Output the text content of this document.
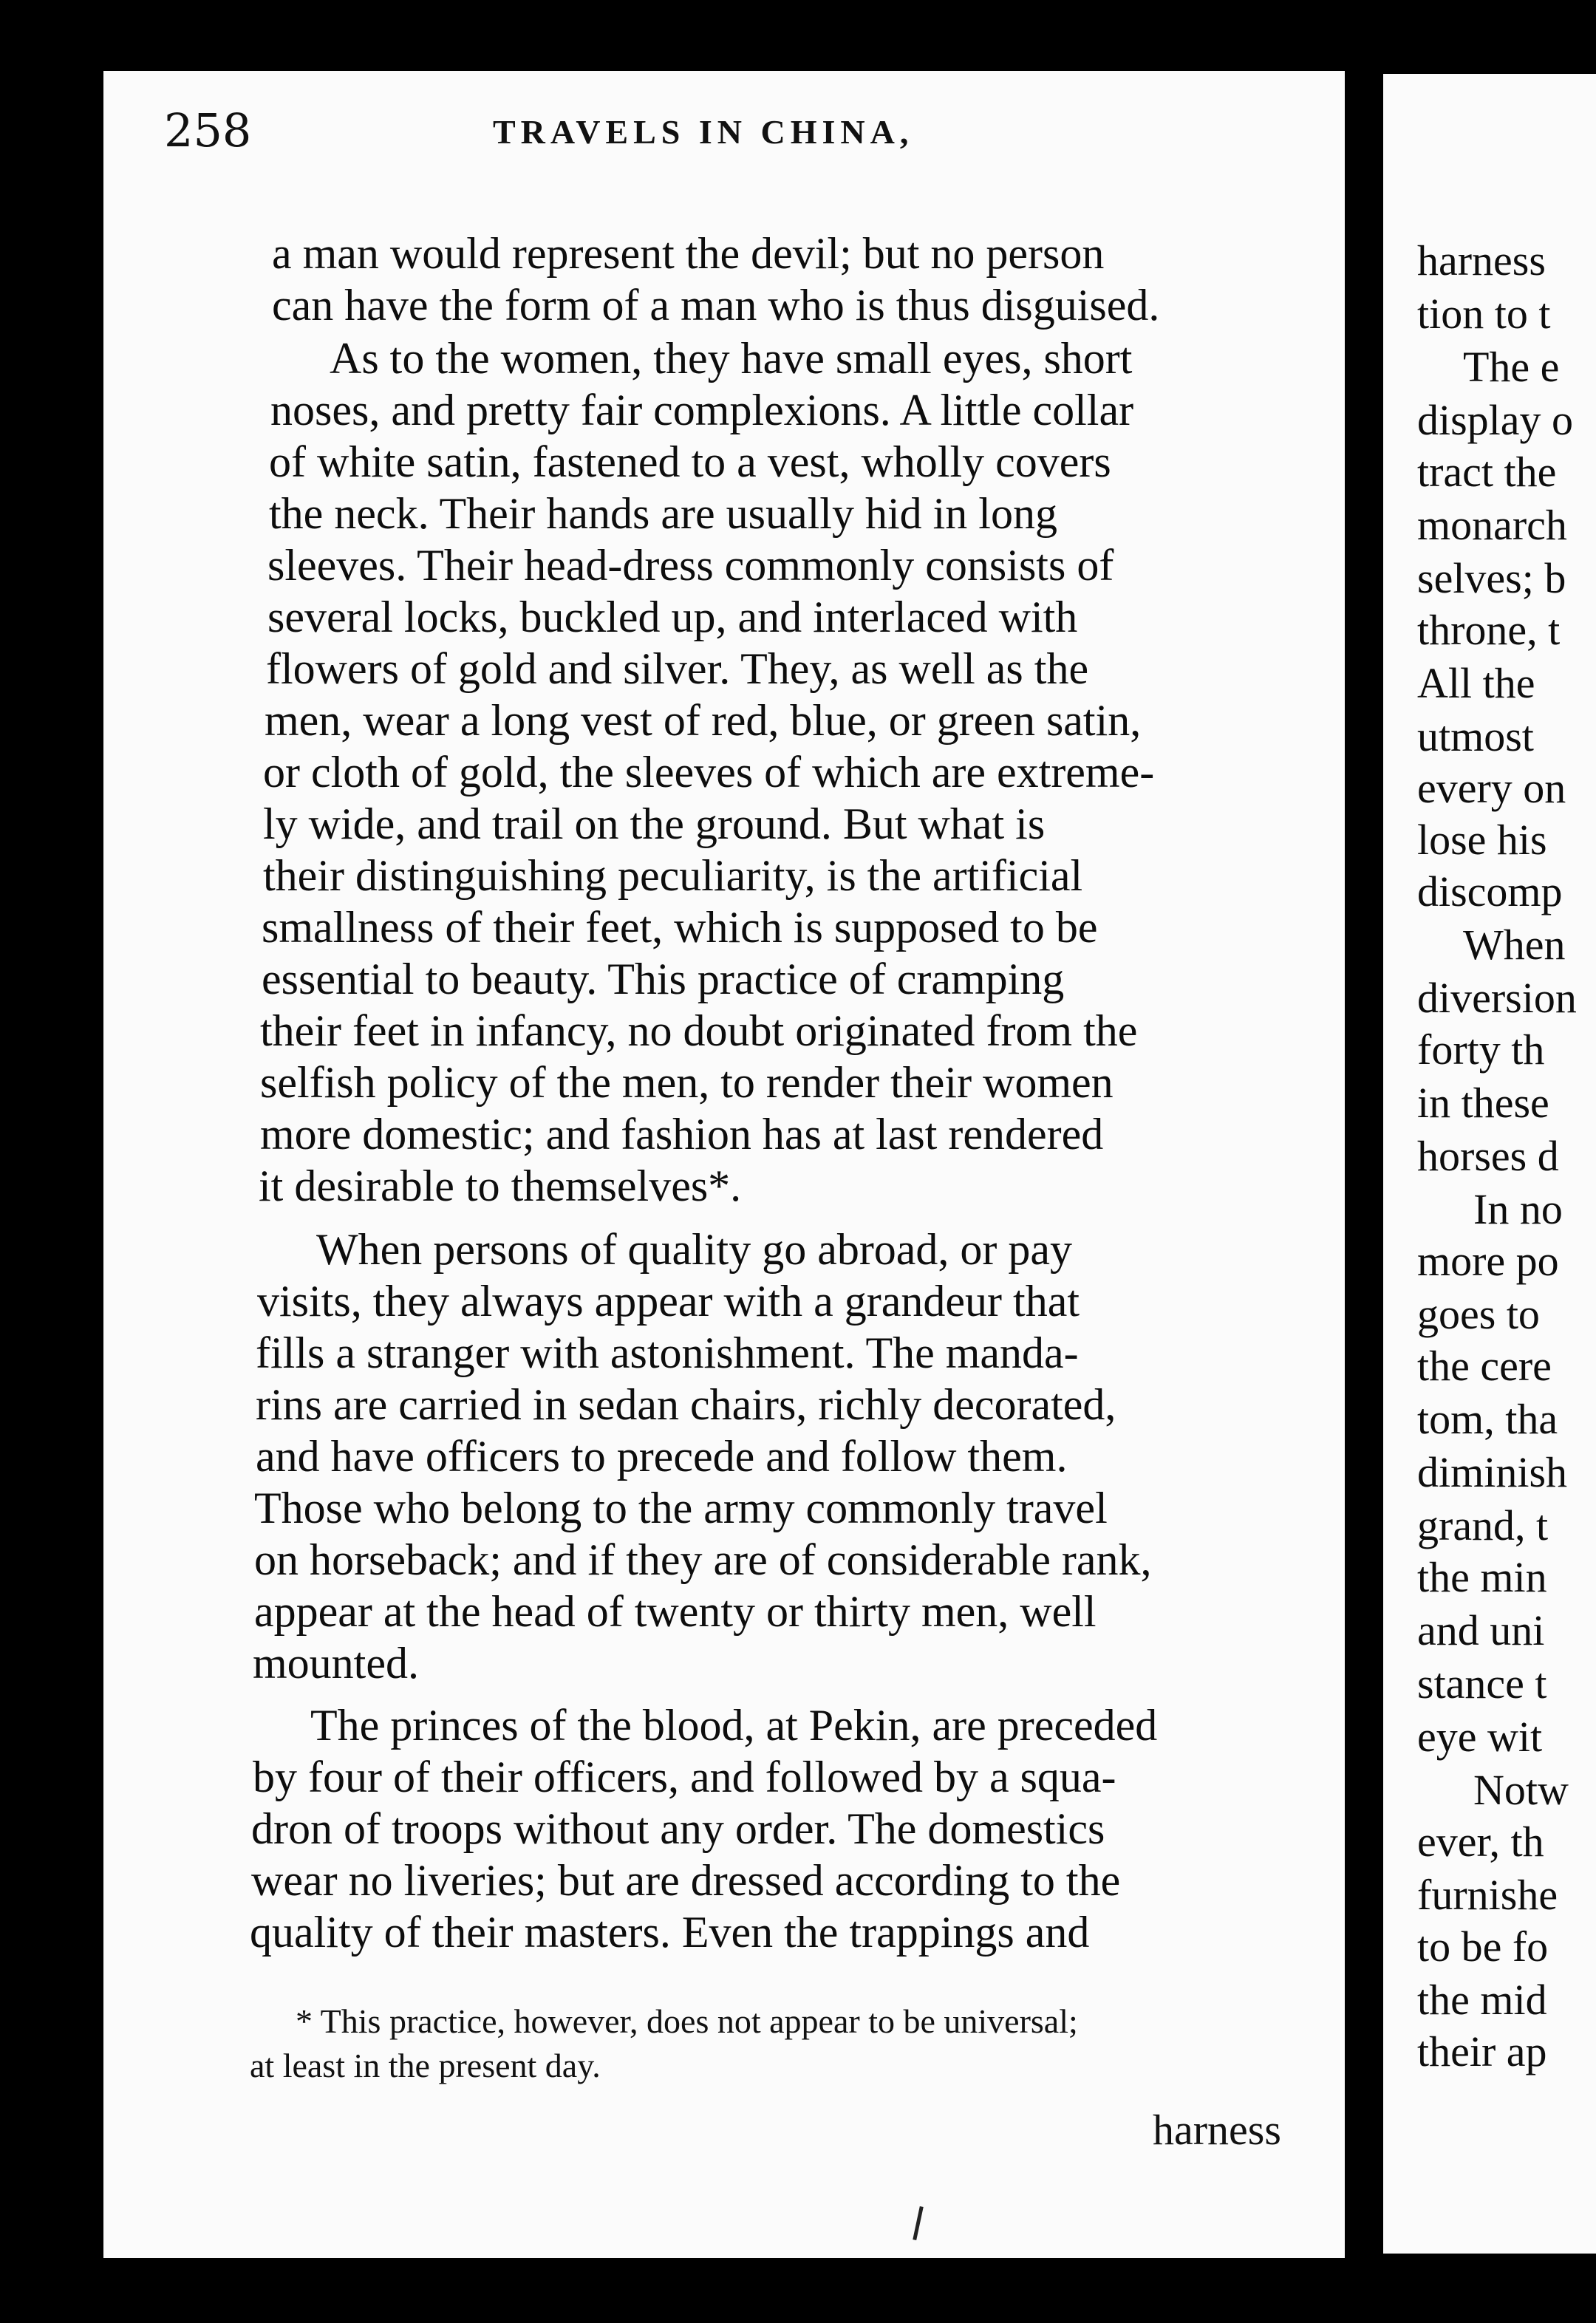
258	TRAVELS IN CHINA,
a man would represent the devil; but no person
can have the form of a man who is thus disguised.
As to the women, they have small eyes, short
noses, and pretty fair complexions. A little collar
of white satin, fastened to a vest, wholly covers
the neck. Their hands are usually hid in long
sleeves. Their head-dress commonly consists of
several locks, buckled up, and interlaced with
flowers of gold and silver. They, as well as the
men, wear a long vest of red, blue, or green satin,
or cloth of gold, the sleeves of which are extreme-
ly wide, and trail on the ground. But what is
their distinguishing peculiarity, is the artificial
smallness of their feet, which is supposed to be
essential to beauty. This practice of cramping
their feet in infancy, no doubt originated from the
selfish policy of the men, to render their women
more domestic; and fashion has at last rendered
it desirable to themselves*.
When persons of quality go abroad, or pay
visits, they always appear with a grandeur that
fills a stranger with astonishment. The manda-
rins are carried in sedan chairs, richly decorated,
and have officers to precede and follow them.
Those who belong to the army commonly travel
on horseback; and if they are of considerable rank,
appear at the head of twenty or thirty men, well
mounted.
The princes of the blood, at Pekin, are preceded
by four of their officers, and followed by a squa-
dron of troops without any order. The domestics
wear no liveries; but are dressed according to the
quality of their masters. Even the trappings and
* This practice, however, does not appear to be universal;
at least in the present day.
harness
harness
tion to t
The e
display o
tract the
monarch
selves; b
throne, t
All the
utmost
every on
lose his
discomp
When
diversion
forty th
in these
horses d
In no
more po
goes to
the cere
tom, tha
diminish
grand, t
the min
and uni
stance t
eye wit
Notw
ever, th
furnishe
to be fo
the mid
their ap
